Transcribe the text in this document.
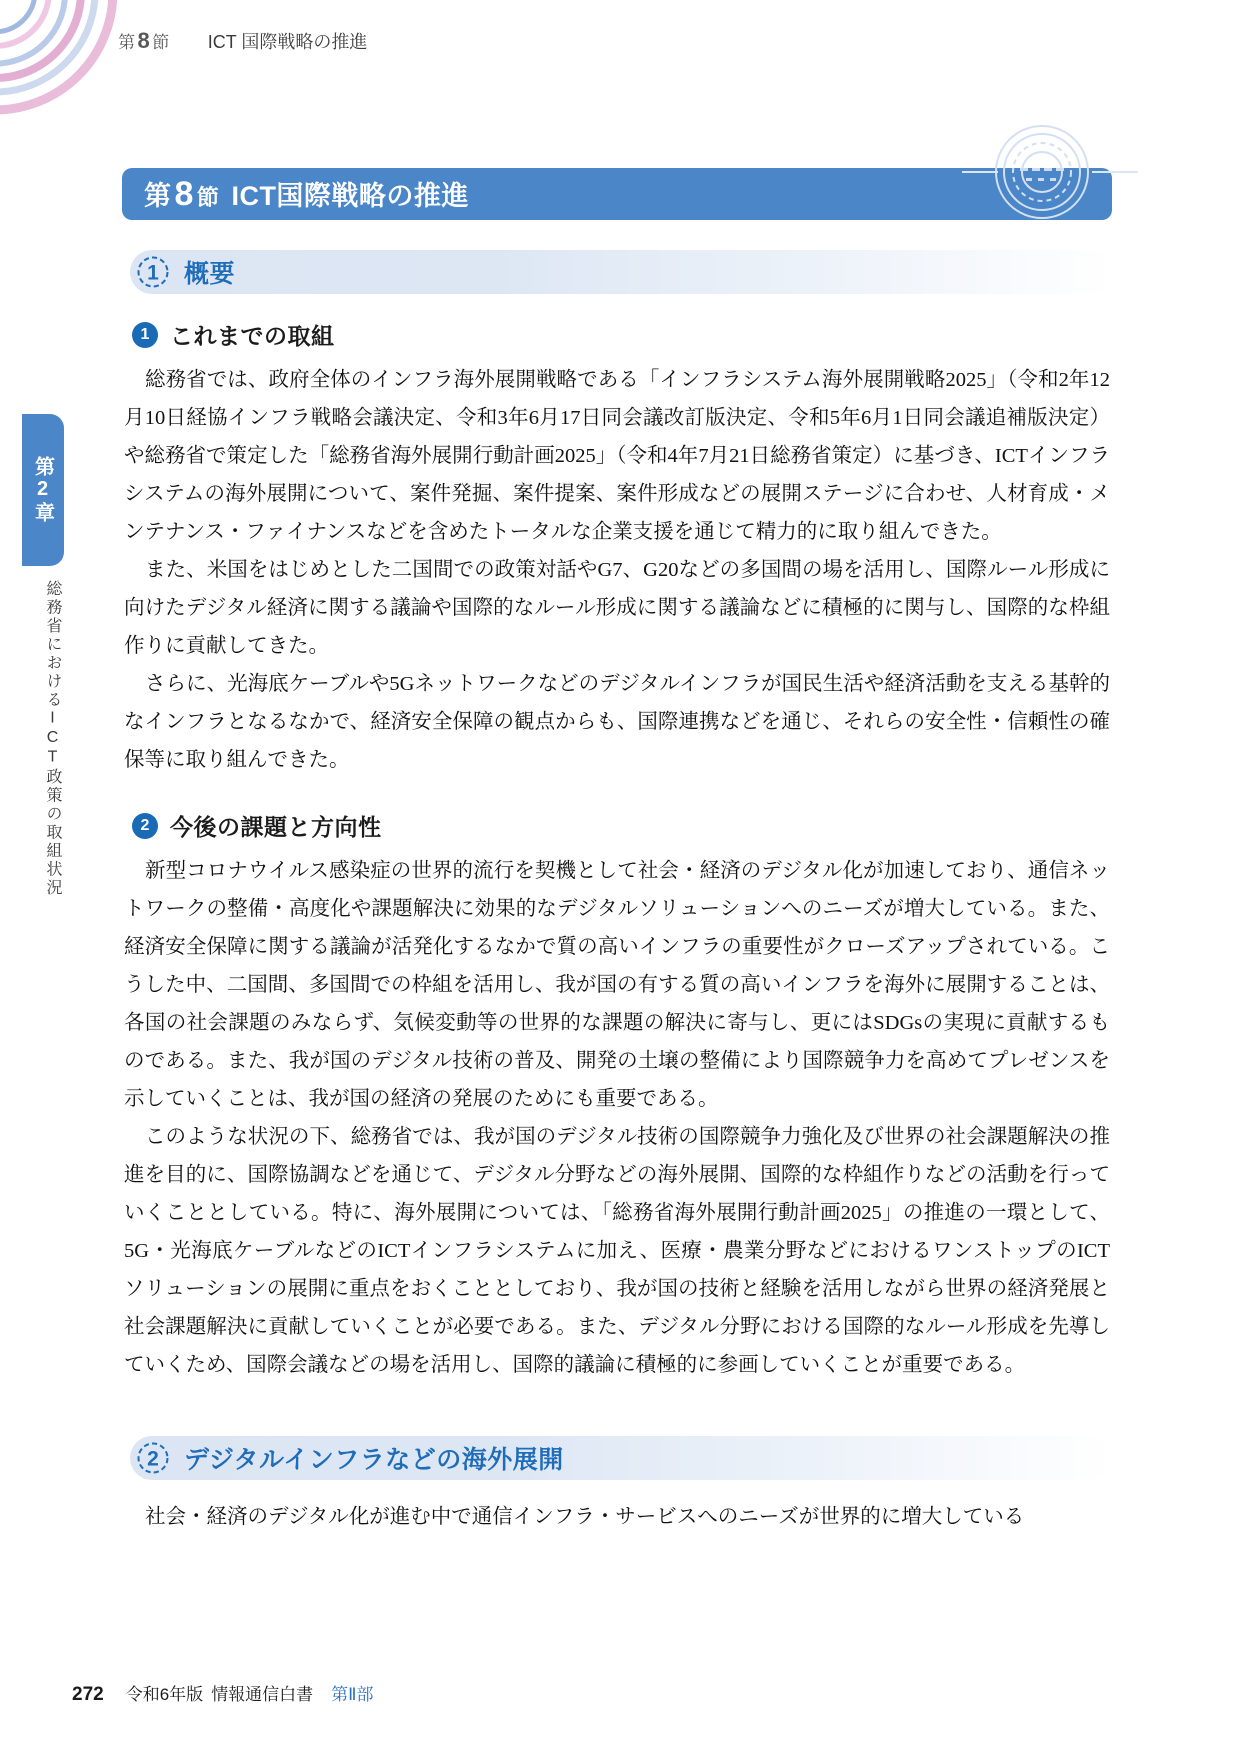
第8 節 ICT 国際戦略の推進
第2章
総務省におけるICT政策の取組状況
第 8 節 ICT国際戦略の推進
1 概要
1 これまでの取組

総務省では、政府全体のインフラ海外展開戦略である「インフラシステム海外展開戦略2025」（令和2年12月10日経協インフラ戦略会議決定、令和3年6月17日同会議改訂版決定、令和5年6月1日同会議追補版決定）や総務省で策定した「総務省海外展開行動計画2025」（令和4年7月21日総務省策定）に基づき、ICTインフラシステムの海外展開について、案件発掘、案件提案、案件形成などの展開ステージに合わせ、人材育成・メンテナンス・ファイナンスなどを含めたトータルな企業支援を通じて精力的に取り組んできた。

また、米国をはじめとした二国間での政策対話やG7、G20などの多国間の場を活用し、国際ルール形成に向けたデジタル経済に関する議論や国際的なルール形成に関する議論などに積極的に関与し、国際的な枠組作りに貢献してきた。

さらに、光海底ケーブルや5Gネットワークなどのデジタルインフラが国民生活や経済活動を支える基幹的なインフラとなるなかで、経済安全保障の観点からも、国際連携などを通じ、それらの安全性・信頼性の確保等に取り組んできた。

2 今後の課題と方向性

新型コロナウイルス感染症の世界的流行を契機として社会・経済のデジタル化が加速しており、通信ネットワークの整備・高度化や課題解決に効果的なデジタルソリューションへのニーズが増大している。また、経済安全保障に関する議論が活発化するなかで質の高いインフラの重要性がクローズアップされている。こうした中、二国間、多国間での枠組を活用し、我が国の有する質の高いインフラを海外に展開することは、各国の社会課題のみならず、気候変動等の世界的な課題の解決に寄与し、更にはSDGsの実現に貢献するものである。また、我が国のデジタル技術の普及、開発の土壌の整備により国際競争力を高めてプレゼンスを示していくことは、我が国の経済の発展のためにも重要である。

このような状況の下、総務省では、我が国のデジタル技術の国際競争力強化及び世界の社会課題解決の推進を目的に、国際協調などを通じて、デジタル分野などの海外展開、国際的な枠組作りなどの活動を行っていくこととしている。特に、海外展開については、「総務省海外展開行動計画2025」の推進の一環として、5G・光海底ケーブルなどのICTインフラシステムに加え、医療・農業分野などにおけるワンストップのICTソリューションの展開に重点をおくこととしており、我が国の技術と経験を活用しながら世界の経済発展と社会課題解決に貢献していくことが必要である。また、デジタル分野における国際的なルール形成を先導していくため、国際会議などの場を活用し、国際的議論に積極的に参画していくことが重要である。

2 デジタルインフラなどの海外展開

社会・経済のデジタル化が進む中で通信インフラ・サービスへのニーズが世界的に増大している

272 令和6年版 情報通信白書 第Ⅱ部
